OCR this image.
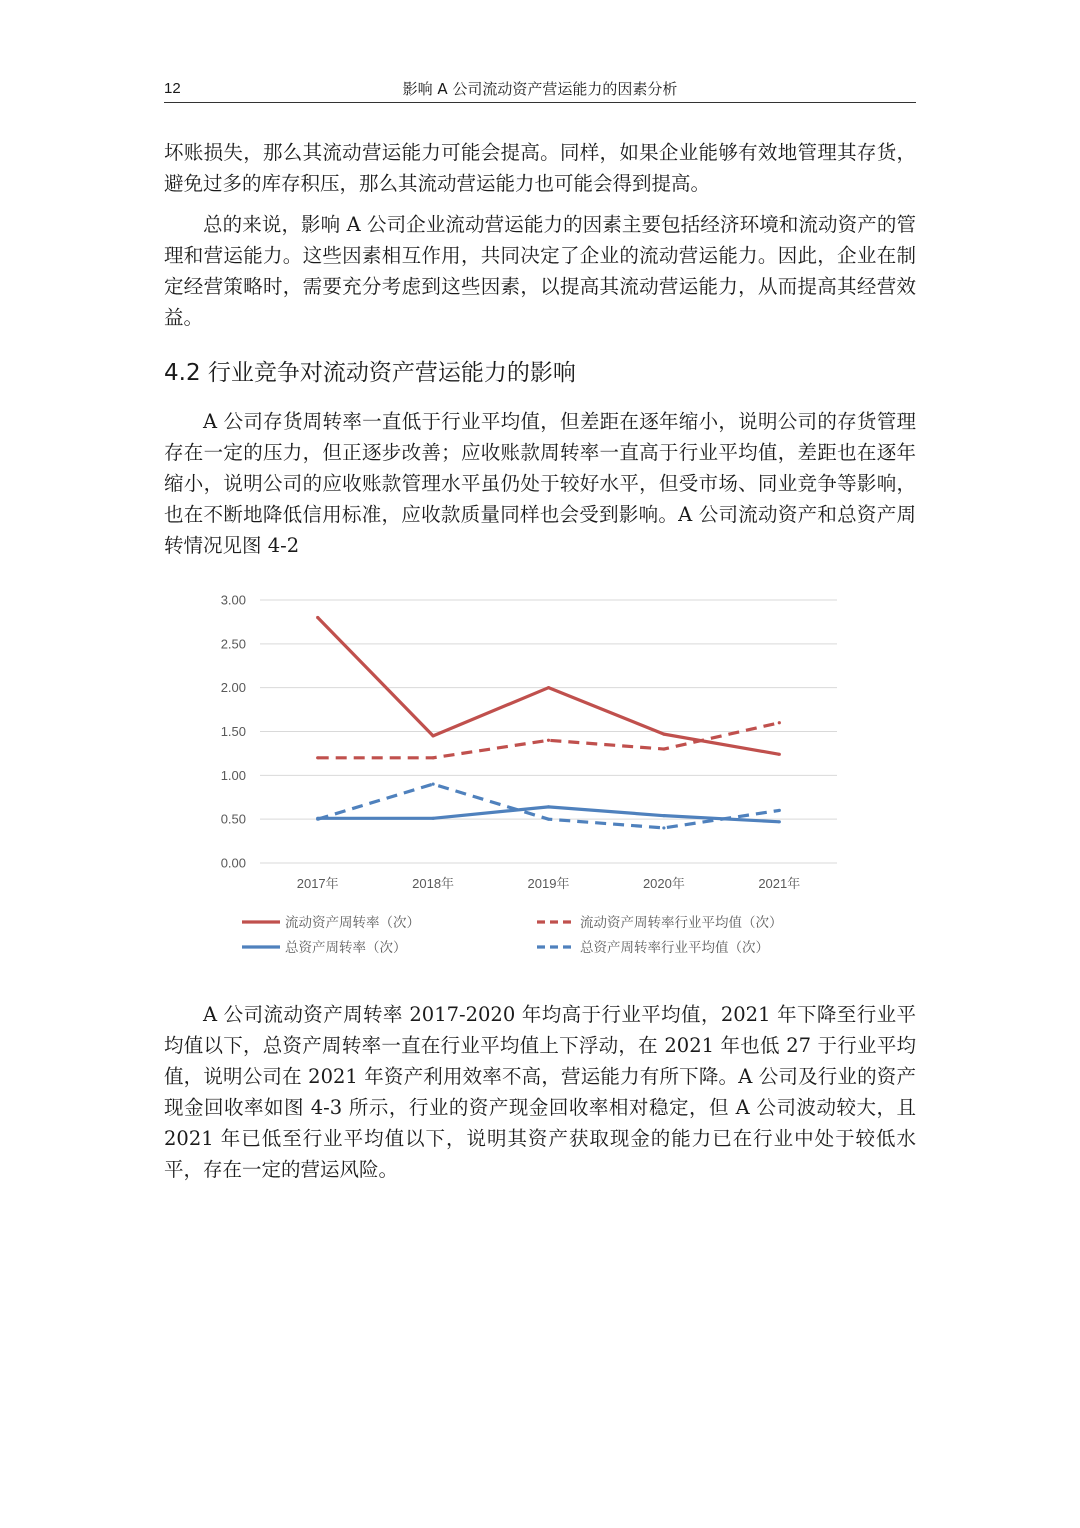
12	影响 A 公司流动资产营运能力的因素分析

坏账损失，那么其流动营运能力可能会提高。同样，如果企业能够有效地管理其存货，避免过多的库存积压，那么其流动营运能力也可能会得到提高。

总的来说，影响 A 公司企业流动营运能力的因素主要包括经济环境和流动资产的管理和营运能力。这些因素相互作用，共同决定了企业的流动营运能力。因此，企业在制定经营策略时，需要充分考虑到这些因素，以提高其流动营运能力，从而提高其经营效益。

4.2 行业竞争对流动资产营运能力的影响

A 公司存货周转率一直低于行业平均值，但差距在逐年缩小，说明公司的存货管理存在一定的压力，但正逐步改善；应收账款周转率一直高于行业平均值，差距也在逐年缩小，说明公司的应收账款管理水平虽仍处于较好水平，但受市场、同业竞争等影响，也在不断地降低信用标准，应收款质量同样也会受到影响。A 公司流动资产和总资产周转情况见图 4-2

0.00
0.50
1.00
1.50
2.00
2.50
3.00
2017年	2018年	2019年	2020年	2021年
流动资产周转率（次）	流动资产周转率行业平均值（次）
总资产周转率（次）	总资产周转率行业平均值（次）

A 公司流动资产周转率 2017-2020 年均高于行业平均值，2021 年下降至行业平均值以下，总资产周转率一直在行业平均值上下浮动，在 2021 年也低 27 于行业平均值，说明公司在 2021 年资产利用效率不高，营运能力有所下降。A 公司及行业的资产现金回收率如图 4-3 所示，行业的资产现金回收率相对稳定，但 A 公司波动较大，且 2021 年已低至行业平均值以下，说明其资产获取现金的能力已在行业中处于较低水平，存在一定的营运风险。
